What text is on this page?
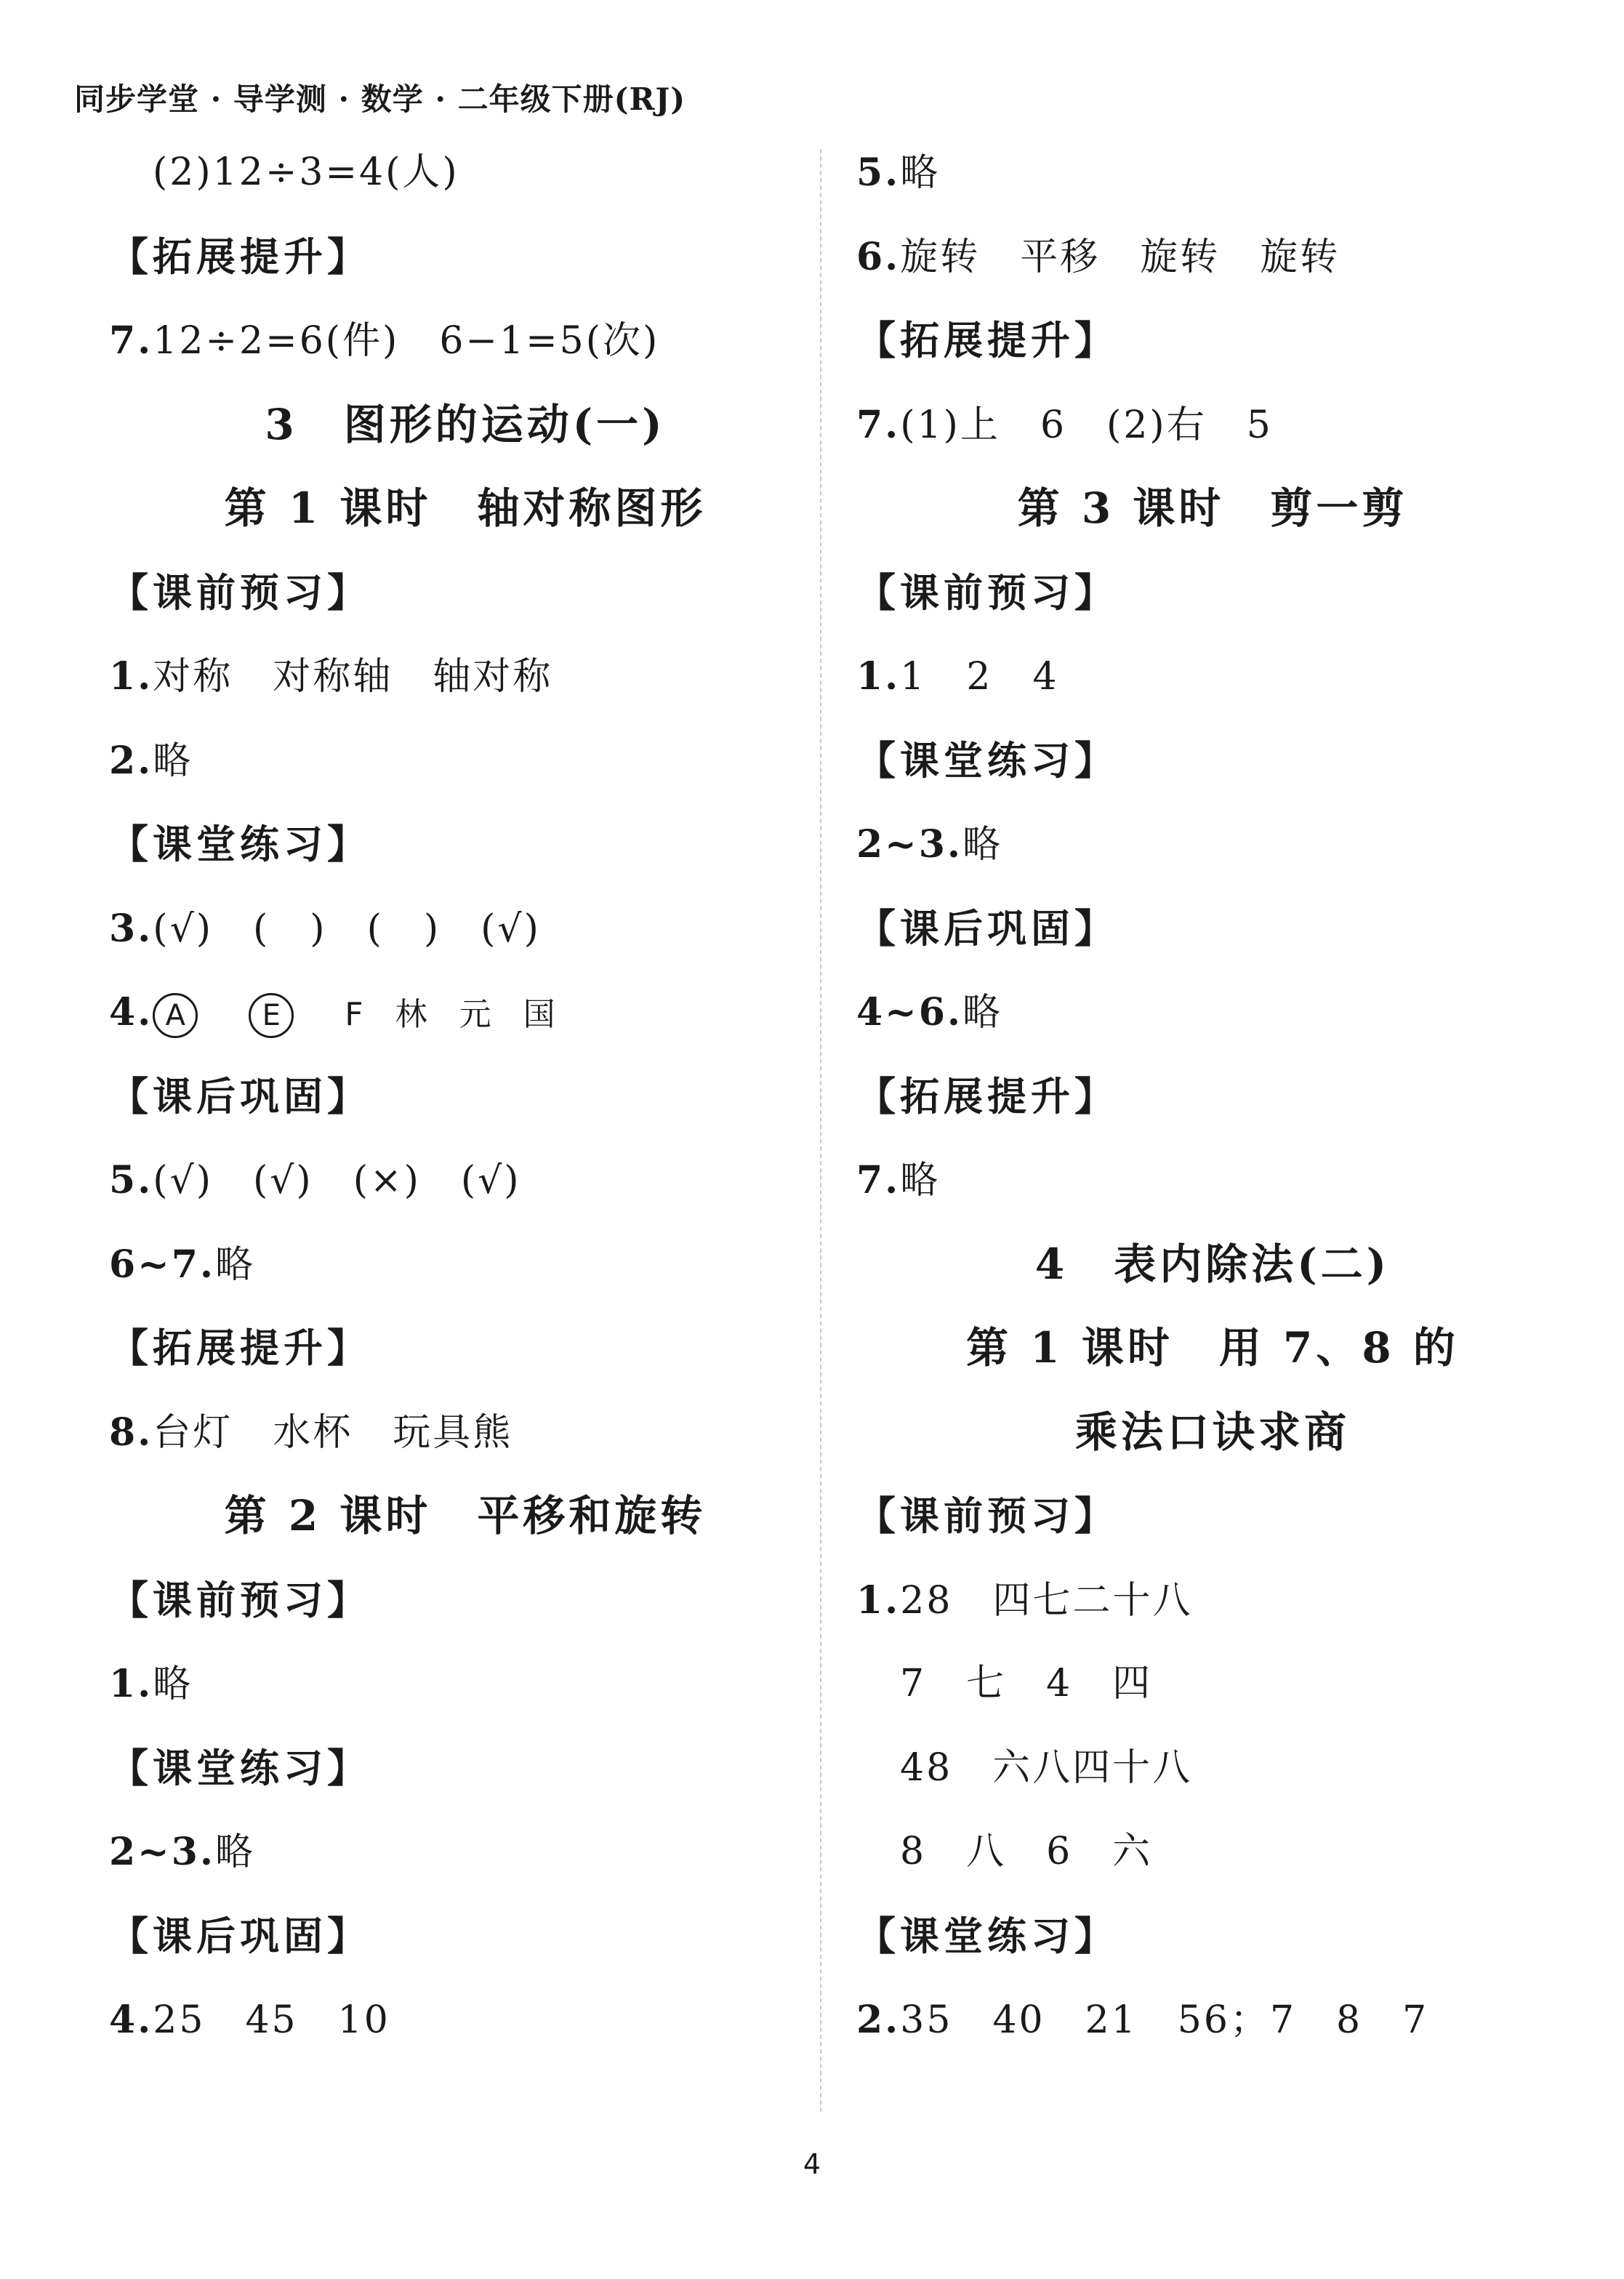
同步学堂 · 导学测 · 数学 · 二年级下册(RJ)
(2)12÷3=4(人)
【拓展提升】
7.12÷2=6(件)　6−1=5(次)
3　图形的运动(一)
第 1 课时　轴对称图形
【课前预习】
1.对称　对称轴　轴对称
2.略
【课堂练习】
3.(√)　(　)　(　)　(√)
4. A	E F　林　元　国
【课后巩固】
5.(√)　(√)　(×)　(√)
6~7.略
【拓展提升】
8.台灯　水杯　玩具熊
第 2 课时　平移和旋转
【课前预习】
1.略
【课堂练习】
2~3.略
【课后巩固】
4.25　45　10
5.略
6.旋转　平移　旋转　旋转
【拓展提升】
7.(1)上　6　(2)右　5
第 3 课时　剪一剪
【课前预习】
1.1　2　4
【课堂练习】
2~3.略
【课后巩固】
4~6.略
【拓展提升】
7.略
4　表内除法(二)
第 1 课时　用 7、8 的
乘法口诀求商
【课前预习】
1.28　四七二十八
7　七　4　四
48　六八四十八
8　八　6　六
【课堂练习】
2.35　40　21　56；7　8　7
4
